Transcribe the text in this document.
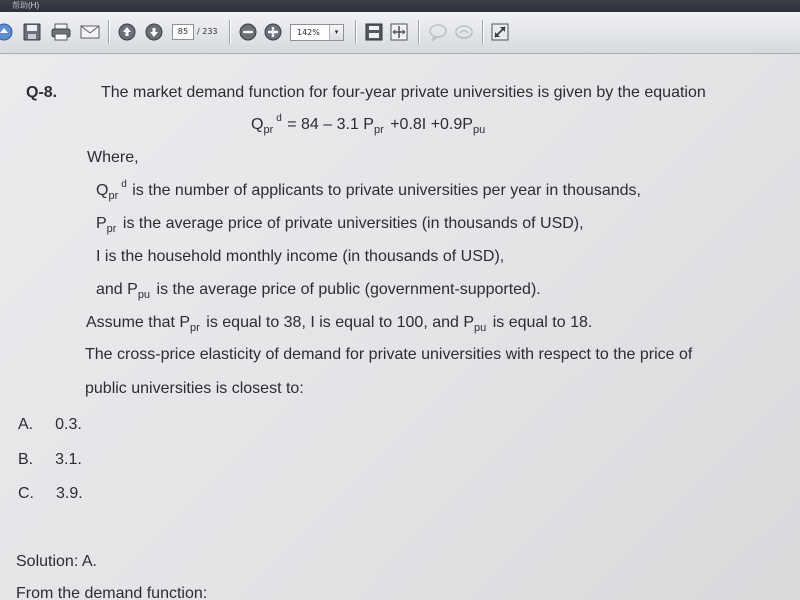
帮助(H)
85	/ 233	142%	▾
Q-8.	The market demand function for four-year private universities is given by the equation
$Q_{pr}^d = 84 - 3.1$ $P_{pr} +0.8I +0.9P_{pu}$
Where,
$Q_{pr}^d$ is the number of applicants to private universities per year in thousands,
$P_{pr}$ is the average price of private universities (in thousands of USD),
I is the household monthly income (in thousands of USD),
and $P_{pu}$ is the average price of public (government-supported).
Assume that $P_{pr}$ is equal to 38, I is equal to 100, and $P_{pu}$ is equal to 18.
The cross-price elasticity of demand for private universities with respect to the price of
public universities is closest to:
A. 0.3.
B. 3.1.
C. 3.9.
Solution: A.
From the demand function:
